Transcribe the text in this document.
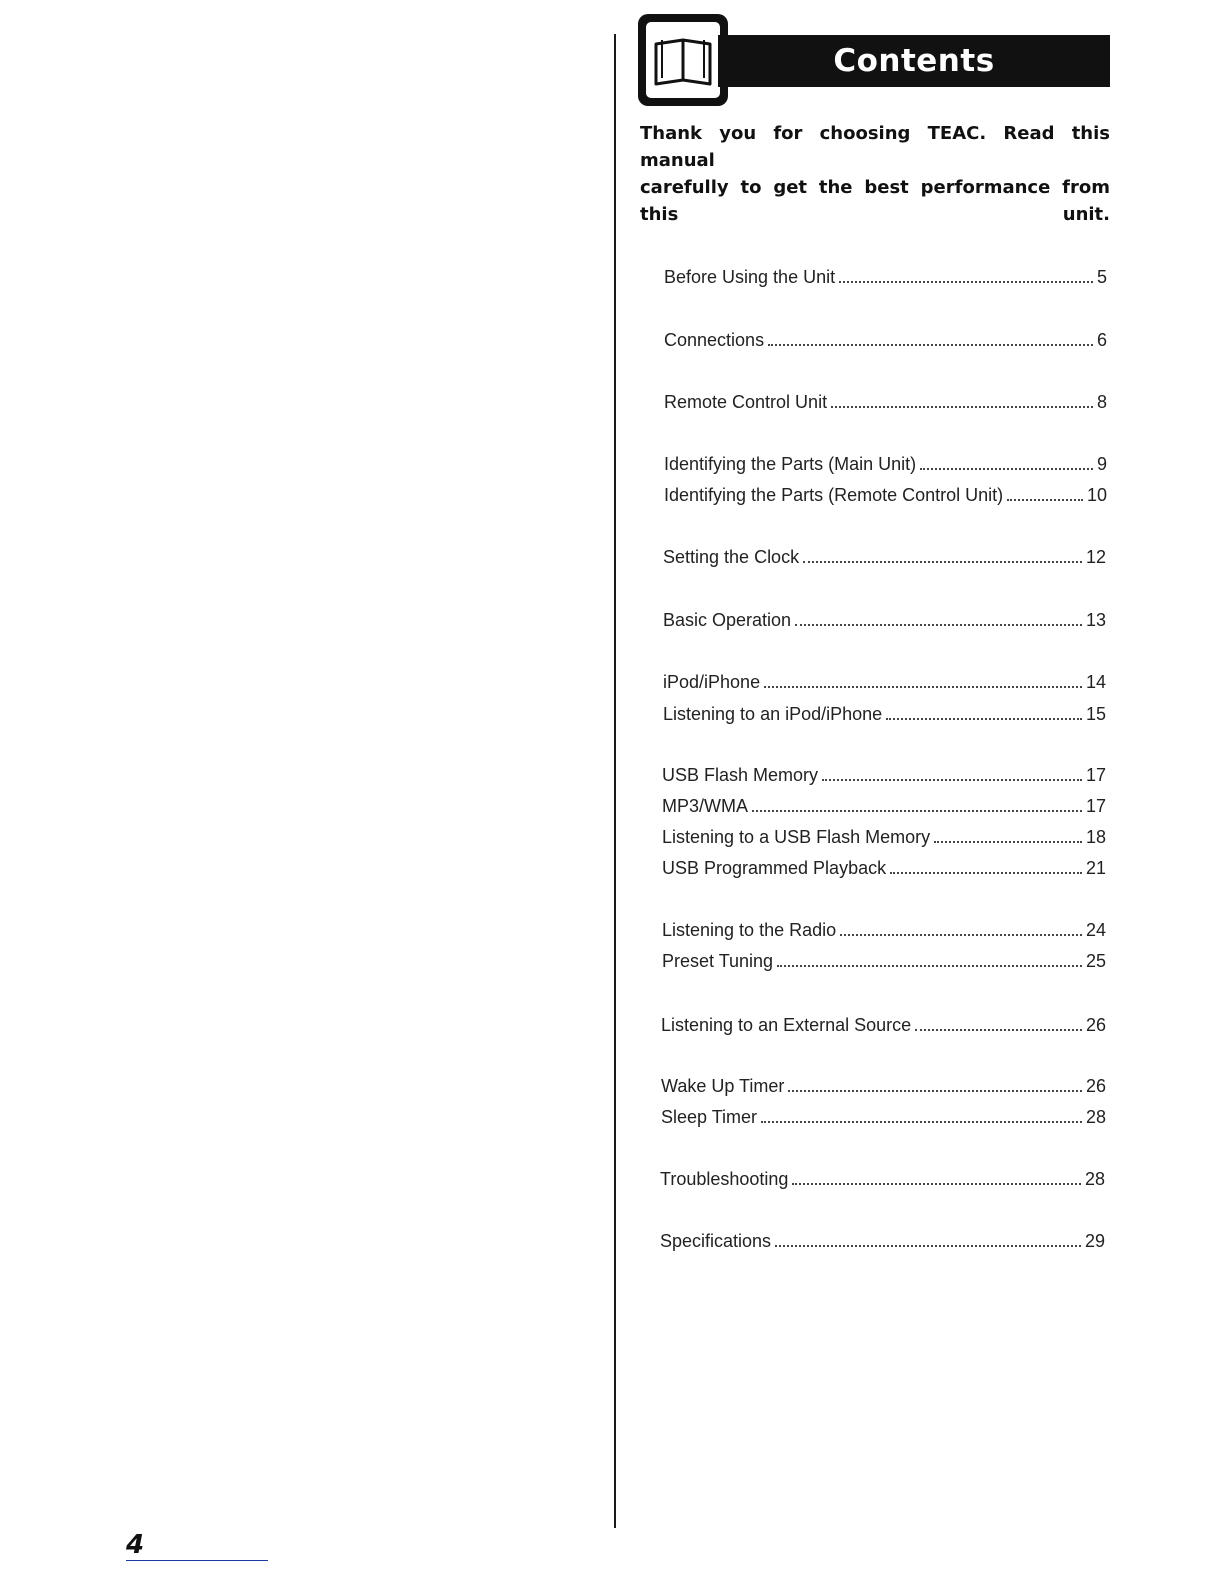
Contents
Thank you for choosing TEAC. Read this manual
carefully to get the best performance from this unit.
Before Using the Unit	5
Connections	6
Remote Control Unit	8
Identifying the Parts (Main Unit)	9
Identifying the Parts (Remote Control Unit)	10
Setting the Clock	12
Basic Operation	13
iPod/iPhone	14
Listening to an iPod/iPhone	15
USB Flash Memory	17
MP3/WMA	17
Listening to a USB Flash Memory	18
USB Programmed Playback	21
Listening to the Radio	24
Preset Tuning	25
Listening to an External Source	26
Wake Up Timer	26
Sleep Timer	28
Troubleshooting	28
Specifications	29
4
